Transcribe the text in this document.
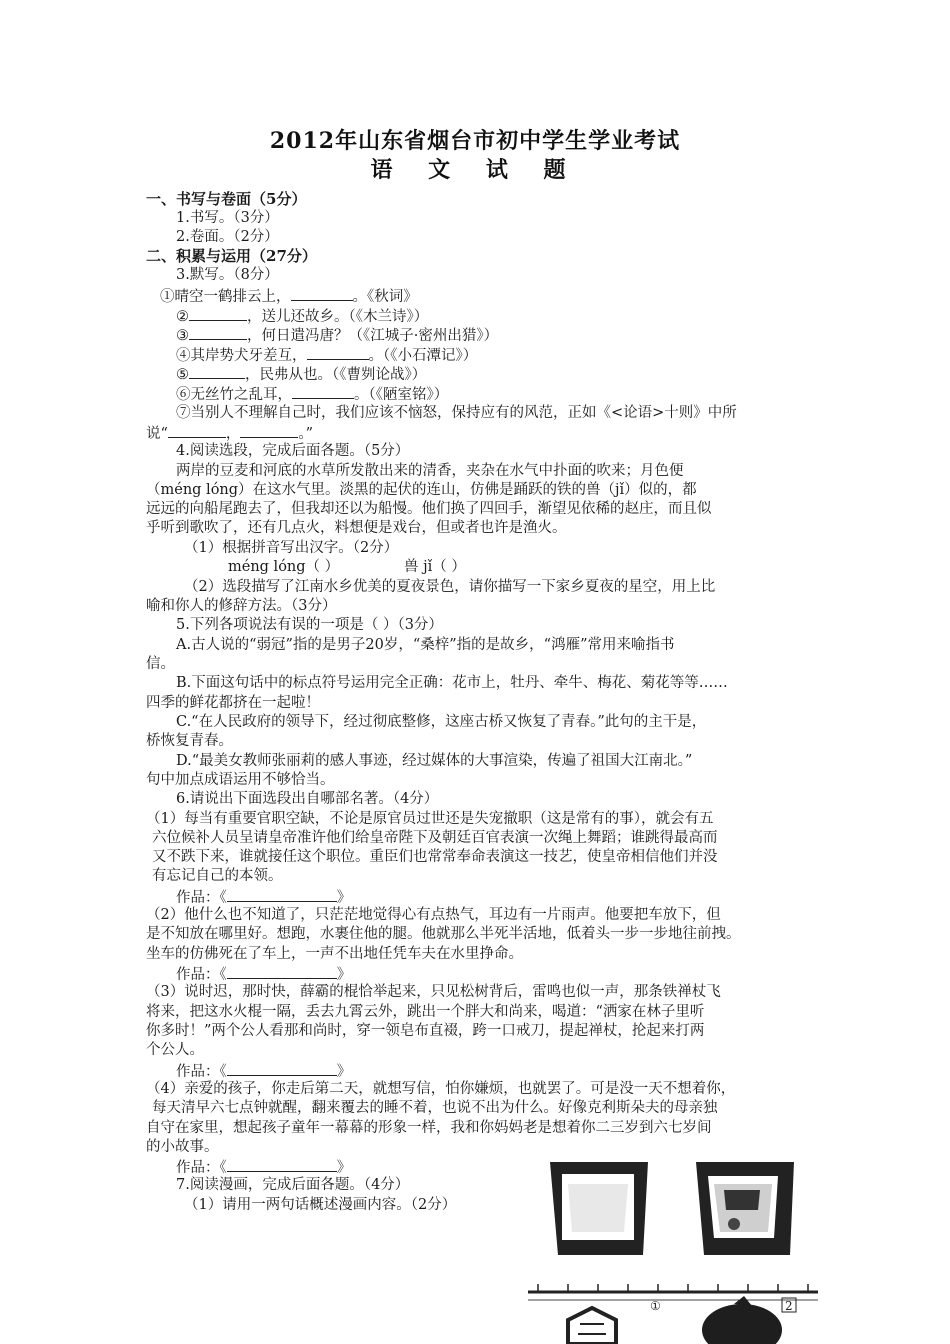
2012年山东省烟台市初中学生学业考试
语 文 试 题
一、书写与卷面（5分）
1.书写。（3分）
2.卷面。（2分）
二、积累与运用（27分）
3.默写。（8分）
①晴空一鹤排云上，	。《秋词》
②	，送儿还故乡。（《木兰诗》）
③	，何日遣冯唐？（《江城子·密州出猎》）
④其岸势犬牙差互，	。（《小石潭记》）
⑤	，民弗从也。（《曹刿论战》）
⑥无丝竹之乱耳，	。（《陋室铭》）
⑦当别人不理解自己时，我们应该不恼怒，保持应有的风范，正如《<论语>十则》中所
说“	，	。”
4.阅读选段，完成后面各题。（5分）
两岸的豆麦和河底的水草所发散出来的清香，夹杂在水气中扑面的吹来；月色便
（méng lóng）在这水气里。淡黑的起伏的连山，仿佛是踊跃的铁的兽（jǐ）似的，都
远远的向船尾跑去了，但我却还以为船慢。他们换了四回手，渐望见依稀的赵庄，而且似
乎听到歌吹了，还有几点火，料想便是戏台，但或者也许是渔火。
（1）根据拼音写出汉字。（2分）
méng lóng（ ）	兽 jǐ（ ）
（2）选段描写了江南水乡优美的夏夜景色，请你描写一下家乡夏夜的星空，用上比
喻和你人的修辞方法。（3分）
5.下列各项说法有误的一项是（ ）（3分）
A.古人说的“弱冠”指的是男子20岁，“桑梓”指的是故乡，“鸿雁”常用来喻指书
信。
B.下面这句话中的标点符号运用完全正确：花市上，牡丹、牵牛、梅花、菊花等等……
四季的鲜花都挤在一起啦！
C.“在人民政府的领导下，经过彻底整修，这座古桥又恢复了青春。”此句的主干是，
桥恢复青春。
D.“最美女教师张丽莉的感人事迹，经过媒体的大事渲染，传遍了祖国大江南北。”
句中加点成语运用不够恰当。
6.请说出下面选段出自哪部名著。（4分）
（1）每当有重要官职空缺，不论是原官员过世还是失宠撤职（这是常有的事），就会有五
六位候补人员呈请皇帝准许他们给皇帝陛下及朝廷百官表演一次绳上舞蹈；谁跳得最高而
又不跌下来，谁就接任这个职位。重臣们也常常奉命表演这一技艺，使皇帝相信他们并没
有忘记自己的本领。
作品：《	》
（2）他什么也不知道了，只茫茫地觉得心有点热气，耳边有一片雨声。他要把车放下，但
是不知放在哪里好。想跑，水裹住他的腿。他就那么半死半活地，低着头一步一步地往前拽。
坐车的仿佛死在了车上，一声不出地任凭车夫在水里挣命。
作品：《	》
（3）说时迟，那时快，薛霸的棍恰举起来，只见松树背后，雷鸣也似一声，那条铁禅杖飞
将来，把这水火棍一隔，丢去九霄云外，跳出一个胖大和尚来，喝道：“洒家在林子里听
你多时！”两个公人看那和尚时，穿一领皂布直裰，跨一口戒刀，提起禅杖，抡起来打两
个公人。
作品：《	》
（4）亲爱的孩子，你走后第二天，就想写信，怕你嫌烦，也就罢了。可是没一天不想着你，
每天清早六七点钟就醒，翻来覆去的睡不着，也说不出为什么。好像克利斯朵夫的母亲独
自守在家里，想起孩子童年一幕幕的形象一样，我和你妈妈老是想着你二三岁到六七岁间
的小故事。
作品：《	》
7.阅读漫画，完成后面各题。（4分）
（1）请用一两句话概述漫画内容。（2分）
①	2
